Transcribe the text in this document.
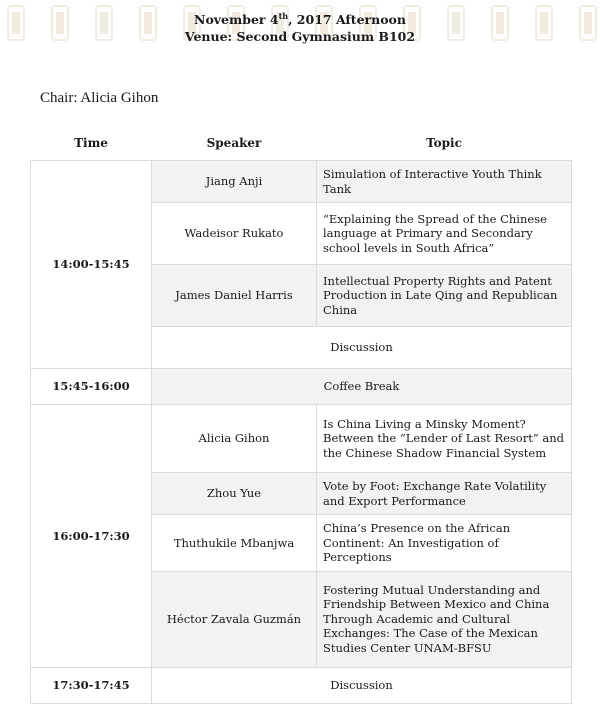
November 4th, 2017 Afternoon
Venue: Second Gymnasium B102
Chair: Alicia Gihon
Time	Speaker	Topic
14:00-15:45	Jiang Anji	Simulation of Interactive Youth Think Tank
	Wadeisor Rukato	“Explaining the Spread of the Chinese language at Primary and Secondary school levels in South Africa”
	James Daniel Harris	Intellectual Property Rights and Patent Production in Late Qing and Republican China
	Discussion	
15:45-16:00	Coffee Break	
16:00-17:30	Alicia Gihon	Is China Living a Minsky Moment? Between the “Lender of Last Resort” and the Chinese Shadow Financial System
	Zhou Yue	Vote by Foot: Exchange Rate Volatility and Export Performance
	Thuthukile Mbanjwa	China’s Presence on the African Continent: An Investigation of Perceptions
	Héctor Zavala Guzmán	Fostering Mutual Understanding and Friendship Between Mexico and China Through Academic and Cultural Exchanges: The Case of the Mexican Studies Center UNAM-BFSU
17:30-17:45	Discussion	
